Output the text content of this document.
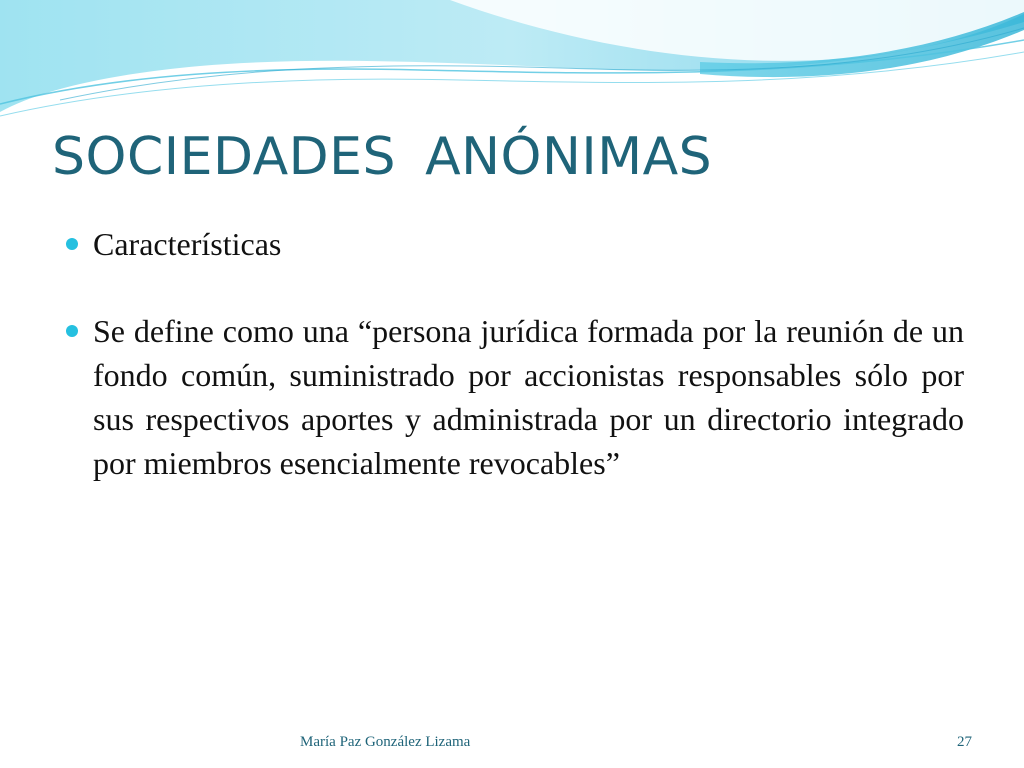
SOCIEDADES ANÓNIMAS
Características
Se define como una “persona jurídica formada por la reunión de un fondo común, suministrado por accionistas responsables sólo por sus respectivos aportes y administrada por un directorio integrado por miembros esencialmente revocables”
María Paz González Lizama	27
